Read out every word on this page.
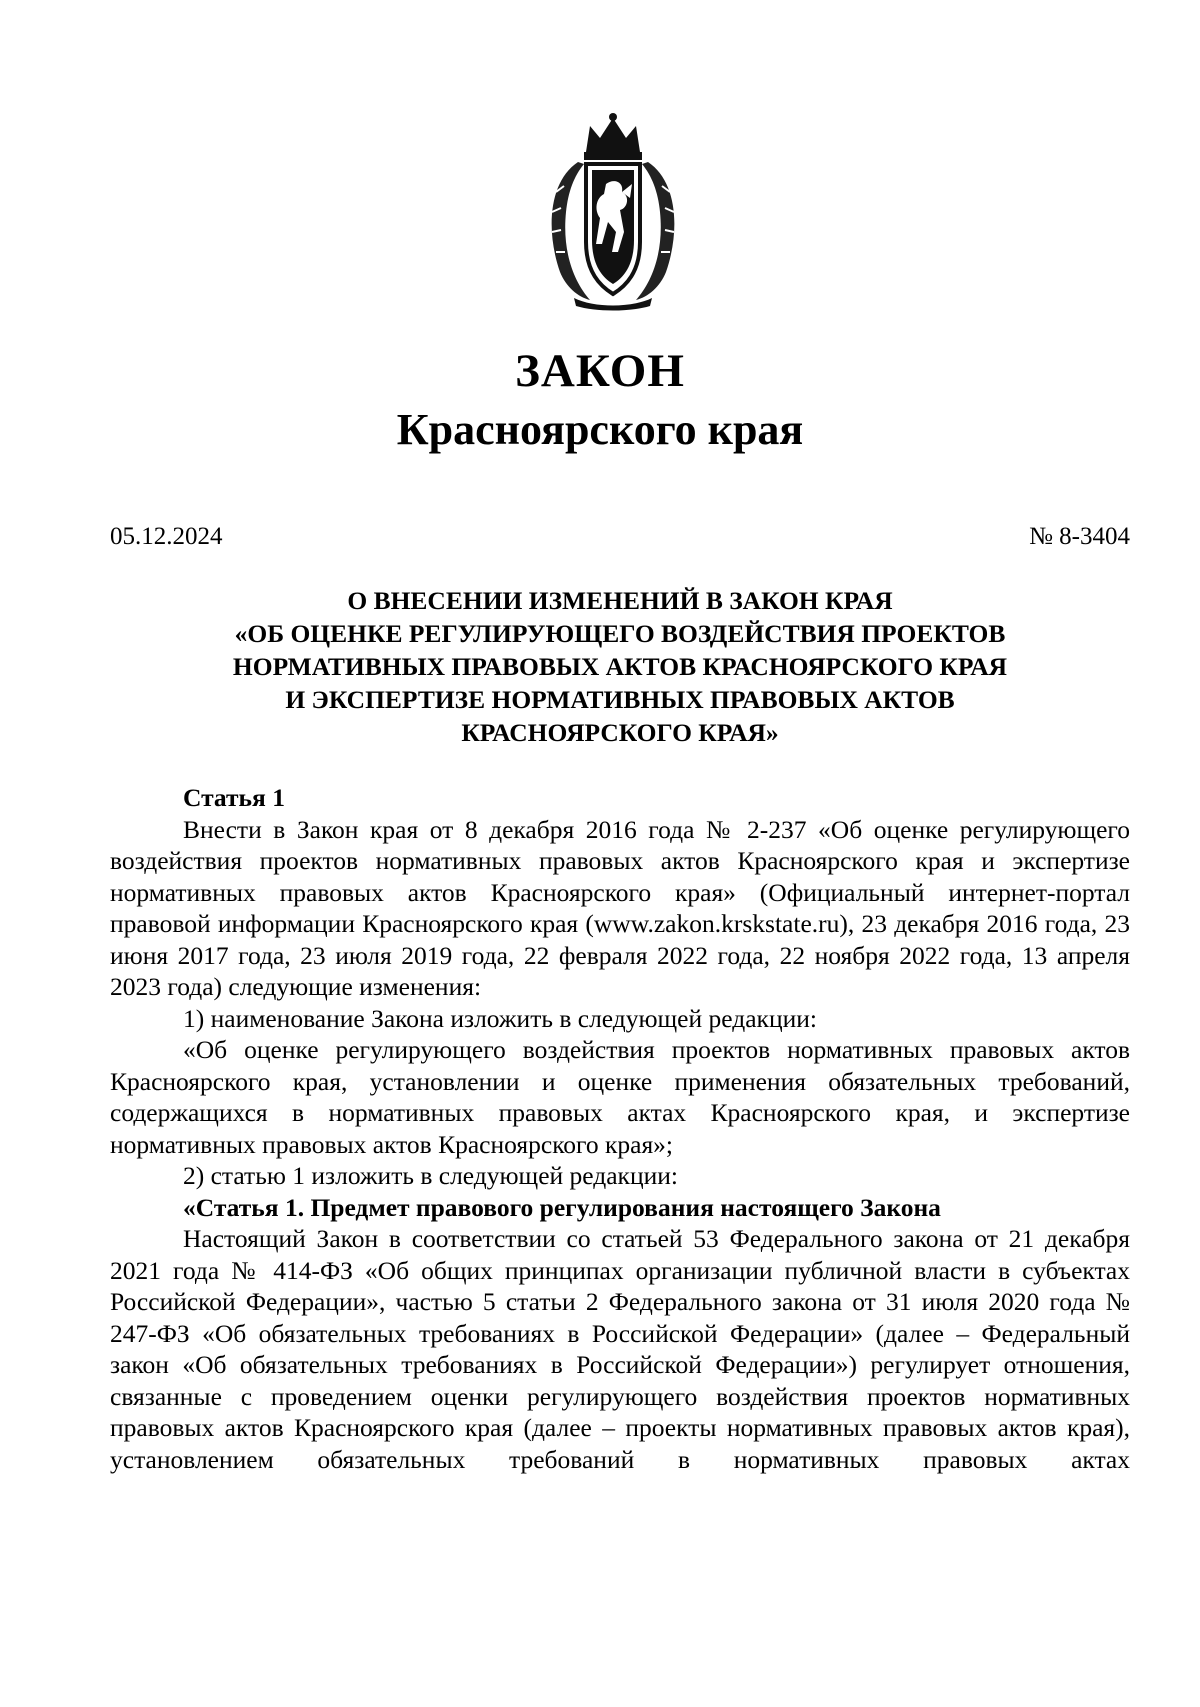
ЗАКОН
Красноярского края
05.12.2024	№ 8-3404
О ВНЕСЕНИИ ИЗМЕНЕНИЙ В ЗАКОН КРАЯ
«ОБ ОЦЕНКЕ РЕГУЛИРУЮЩЕГО ВОЗДЕЙСТВИЯ ПРОЕКТОВ
НОРМАТИВНЫХ ПРАВОВЫХ АКТОВ КРАСНОЯРСКОГО КРАЯ
И ЭКСПЕРТИЗЕ НОРМАТИВНЫХ ПРАВОВЫХ АКТОВ
КРАСНОЯРСКОГО КРАЯ»

Статья 1

Внести в Закон края от 8 декабря 2016 года № 2-237 «Об оценке регулирующего воздействия проектов нормативных правовых актов Красноярского края и экспертизе нормативных правовых актов Красноярского края» (Официальный интернет-портал правовой информации Красноярского края (www.zakon.krskstate.ru), 23 декабря 2016 года, 23 июня 2017 года, 23 июля 2019 года, 22 февраля 2022 года, 22 ноября 2022 года, 13 апреля 2023 года) следующие изменения:

1) наименование Закона изложить в следующей редакции:

«Об оценке регулирующего воздействия проектов нормативных правовых актов Красноярского края, установлении и оценке применения обязательных требований, содержащихся в нормативных правовых актах Красноярского края, и экспертизе нормативных правовых актов Красноярского края»;

2) статью 1 изложить в следующей редакции:

«Статья 1. Предмет правового регулирования настоящего Закона

Настоящий Закон в соответствии со статьей 53 Федерального закона от 21 декабря 2021 года № 414-ФЗ «Об общих принципах организации публичной власти в субъектах Российской Федерации», частью 5 статьи 2 Федерального закона от 31 июля 2020 года № 247-ФЗ «Об обязательных требованиях в Российской Федерации» (далее – Федеральный закон «Об обязательных требованиях в Российской Федерации») регулирует отношения, связанные с проведением оценки регулирующего воздействия проектов нормативных правовых актов Красноярского края (далее – проекты нормативных правовых актов края), установлением обязательных требований в нормативных правовых актах
